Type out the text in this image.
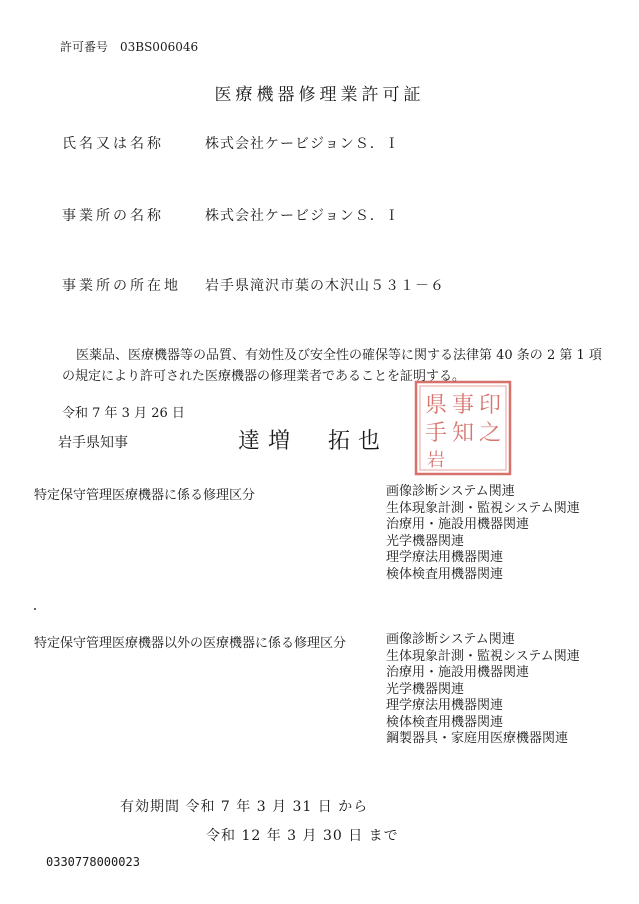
許可番号　03BS006046
医療機器修理業許可証
氏名又は名称	株式会社ケービジョンＳ．Ｉ
事業所の名称	株式会社ケービジョンＳ．Ｉ
事業所の所在地 岩手県滝沢市葉の木沢山５３１－６

医薬品、医療機器等の品質、有効性及び安全性の確保等に関する法律第 40 条の 2 第 1 項

の規定により許可された医療機器の修理業者であることを証明する。

令和 7 年 3 月 26 日
岩手県知事	達増　拓也
印
之
事
知
県
手
岩
特定保守管理医療機器に係る修理区分	画像診断システム関連
生体現象計測・監視システム関連
治療用・施設用機器関連
光学機器関連
理学療法用機器関連
検体検査用機器関連
特定保守管理医療機器以外の医療機器に係る修理区分	画像診断システム関連
生体現象計測・監視システム関連
治療用・施設用機器関連
光学機器関連
理学療法用機器関連
検体検査用機器関連
鋼製器具・家庭用医療機器関連
有効期間 令和 7 年 3 月 31 日 から
令和 12 年 3 月 30 日 まで
0330778000023
